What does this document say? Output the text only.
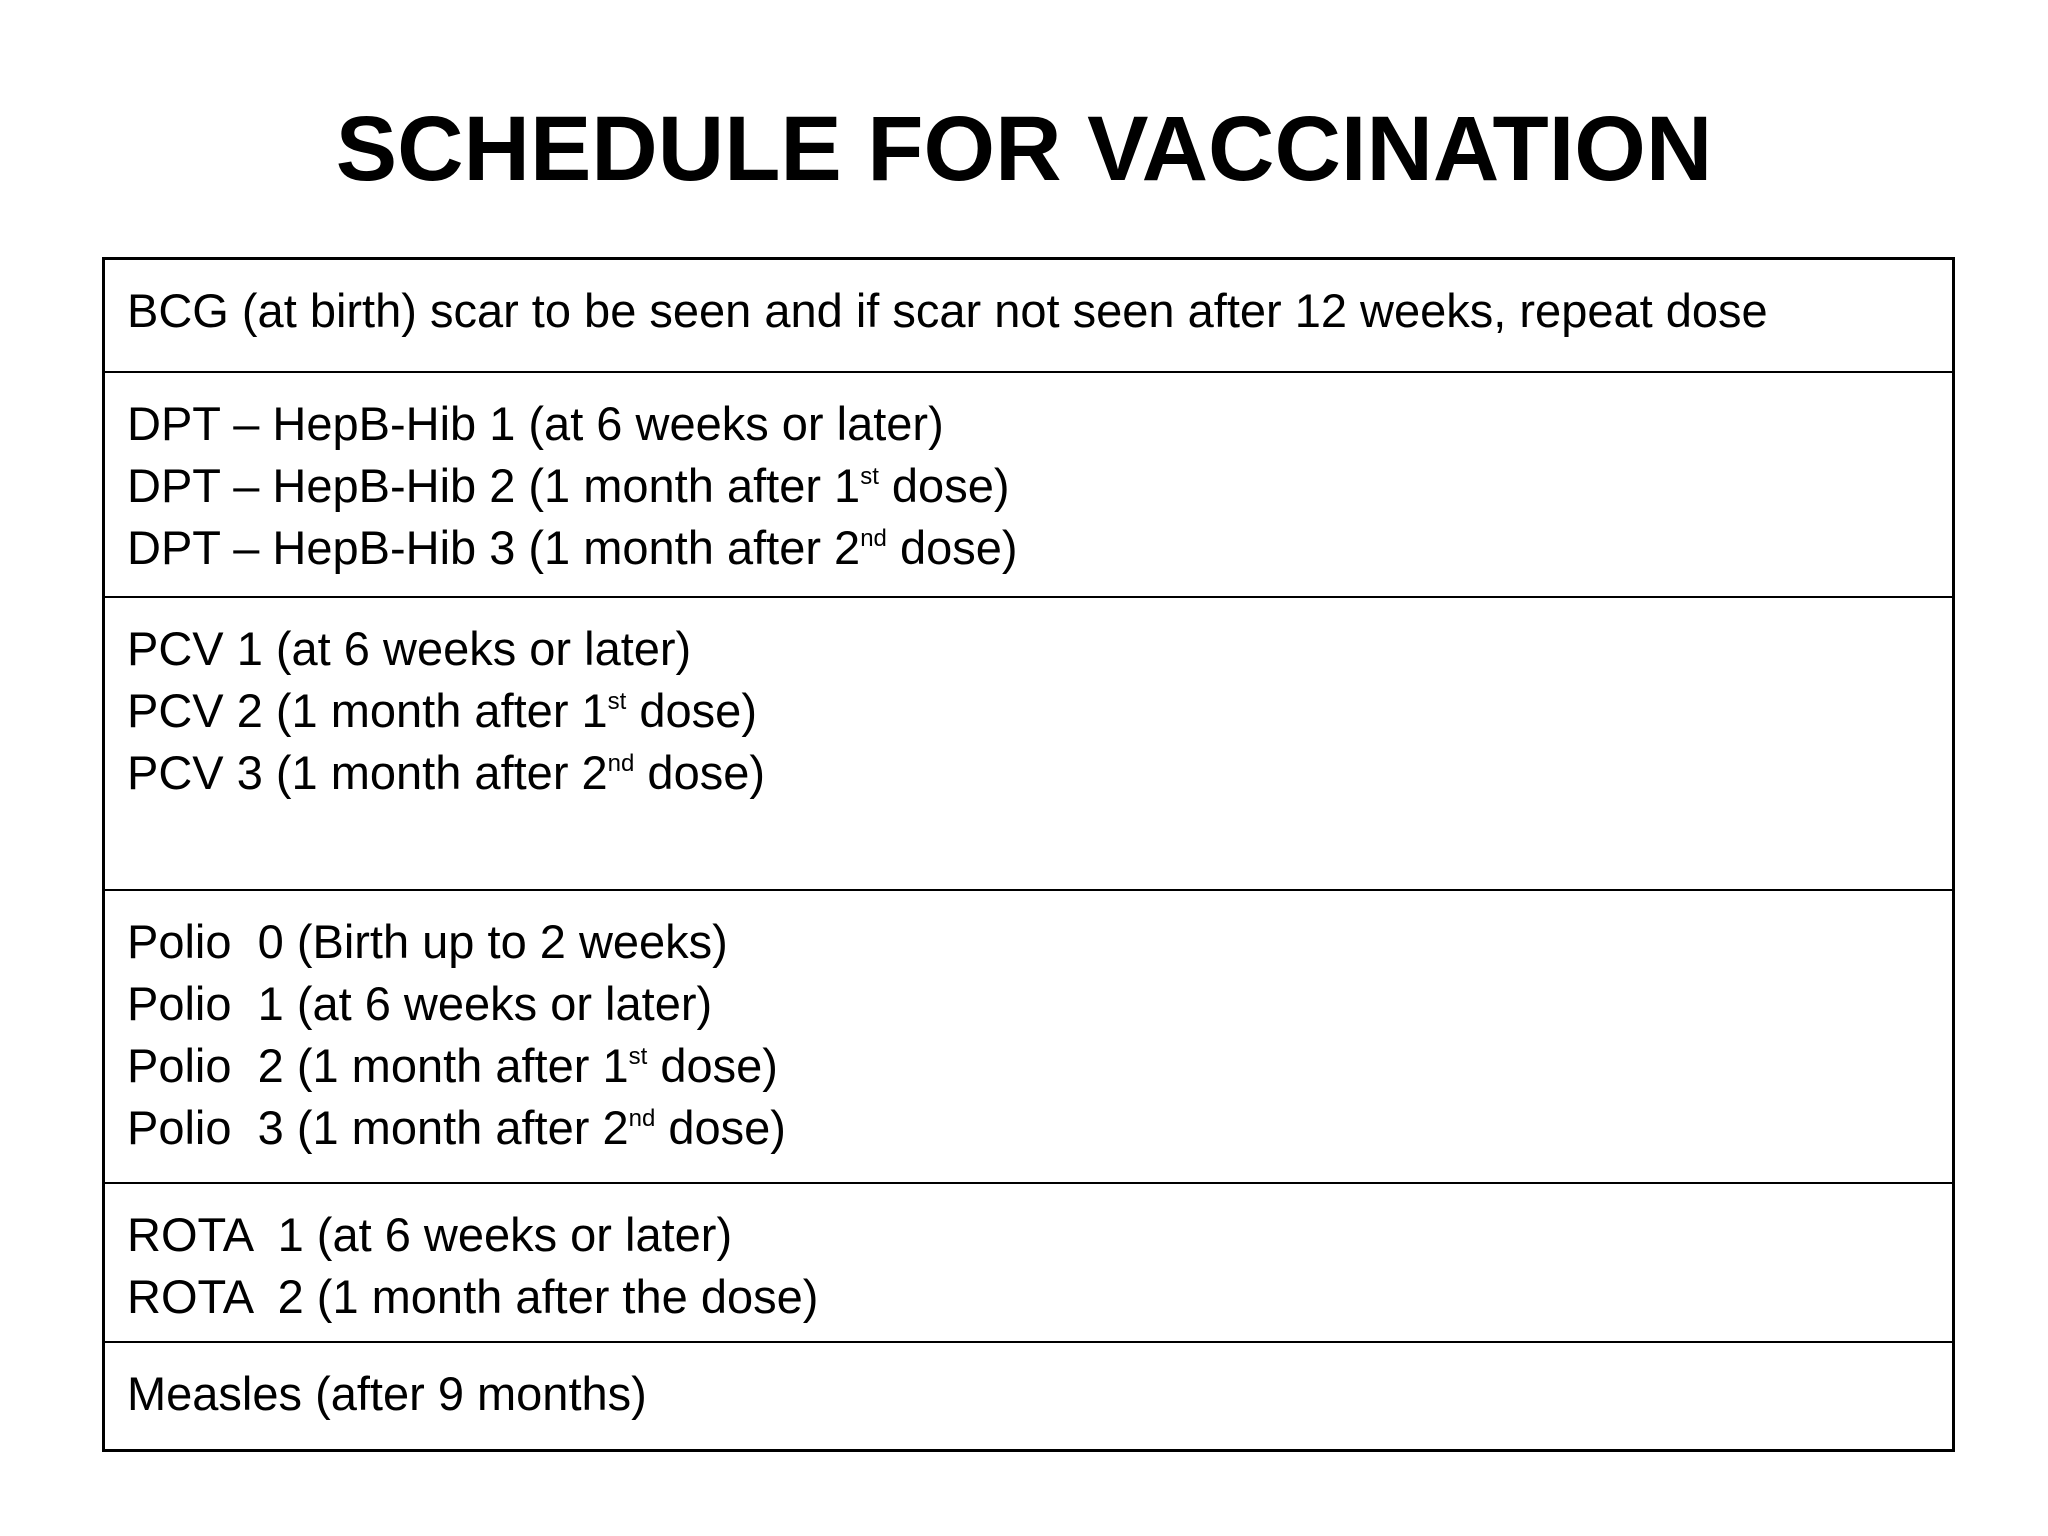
SCHEDULE FOR VACCINATION
BCG (at birth) scar to be seen and if scar not seen after 12 weeks, repeat dose
DPT – HepB-Hib 1 (at 6 weeks or later)
DPT – HepB-Hib 2 (1 month after 1st dose)
DPT – HepB-Hib 3 (1 month after 2nd dose)
PCV 1 (at 6 weeks or later)
PCV 2 (1 month after 1st dose)
PCV 3 (1 month after 2nd dose)
Polio  0 (Birth up to 2 weeks)
Polio  1 (at 6 weeks or later)
Polio  2 (1 month after 1st dose)
Polio  3 (1 month after 2nd dose)
ROTA  1 (at 6 weeks or later)
ROTA  2 (1 month after the dose)
Measles (after 9 months)
